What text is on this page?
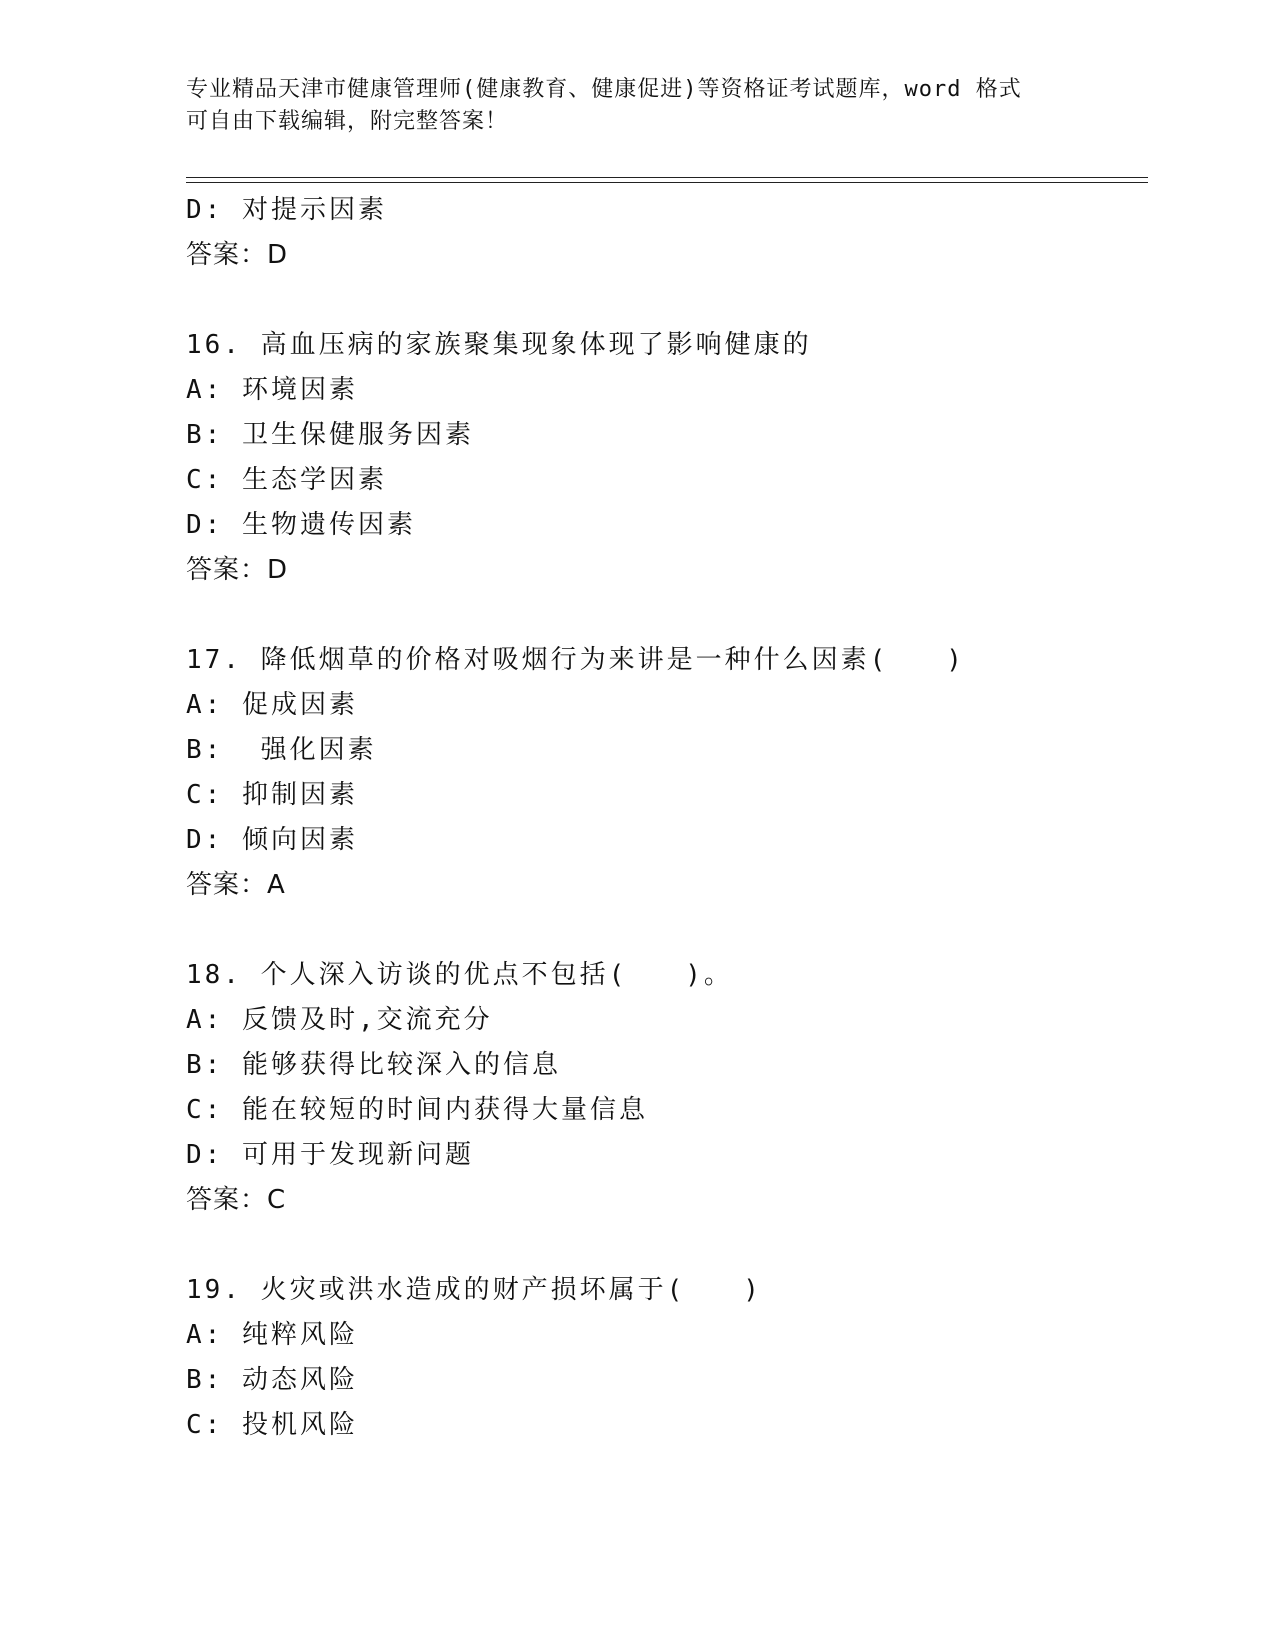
专业精品天津市健康管理师(健康教育、健康促进)等资格证考试题库，word 格式
可自由下载编辑，附完整答案！
D: 对提示因素
答案：D
16. 高血压病的家族聚集现象体现了影响健康的
A: 环境因素
B: 卫生保健服务因素
C: 生态学因素
D: 生物遗传因素
答案：D
17. 降低烟草的价格对吸烟行为来讲是一种什么因素(　　)
A: 促成因素
B:  强化因素
C: 抑制因素
D: 倾向因素
答案：A
18. 个人深入访谈的优点不包括(　　)。
A: 反馈及时,交流充分
B: 能够获得比较深入的信息
C: 能在较短的时间内获得大量信息
D: 可用于发现新问题
答案：C
19. 火灾或洪水造成的财产损坏属于(　　)
A: 纯粹风险
B: 动态风险
C: 投机风险
